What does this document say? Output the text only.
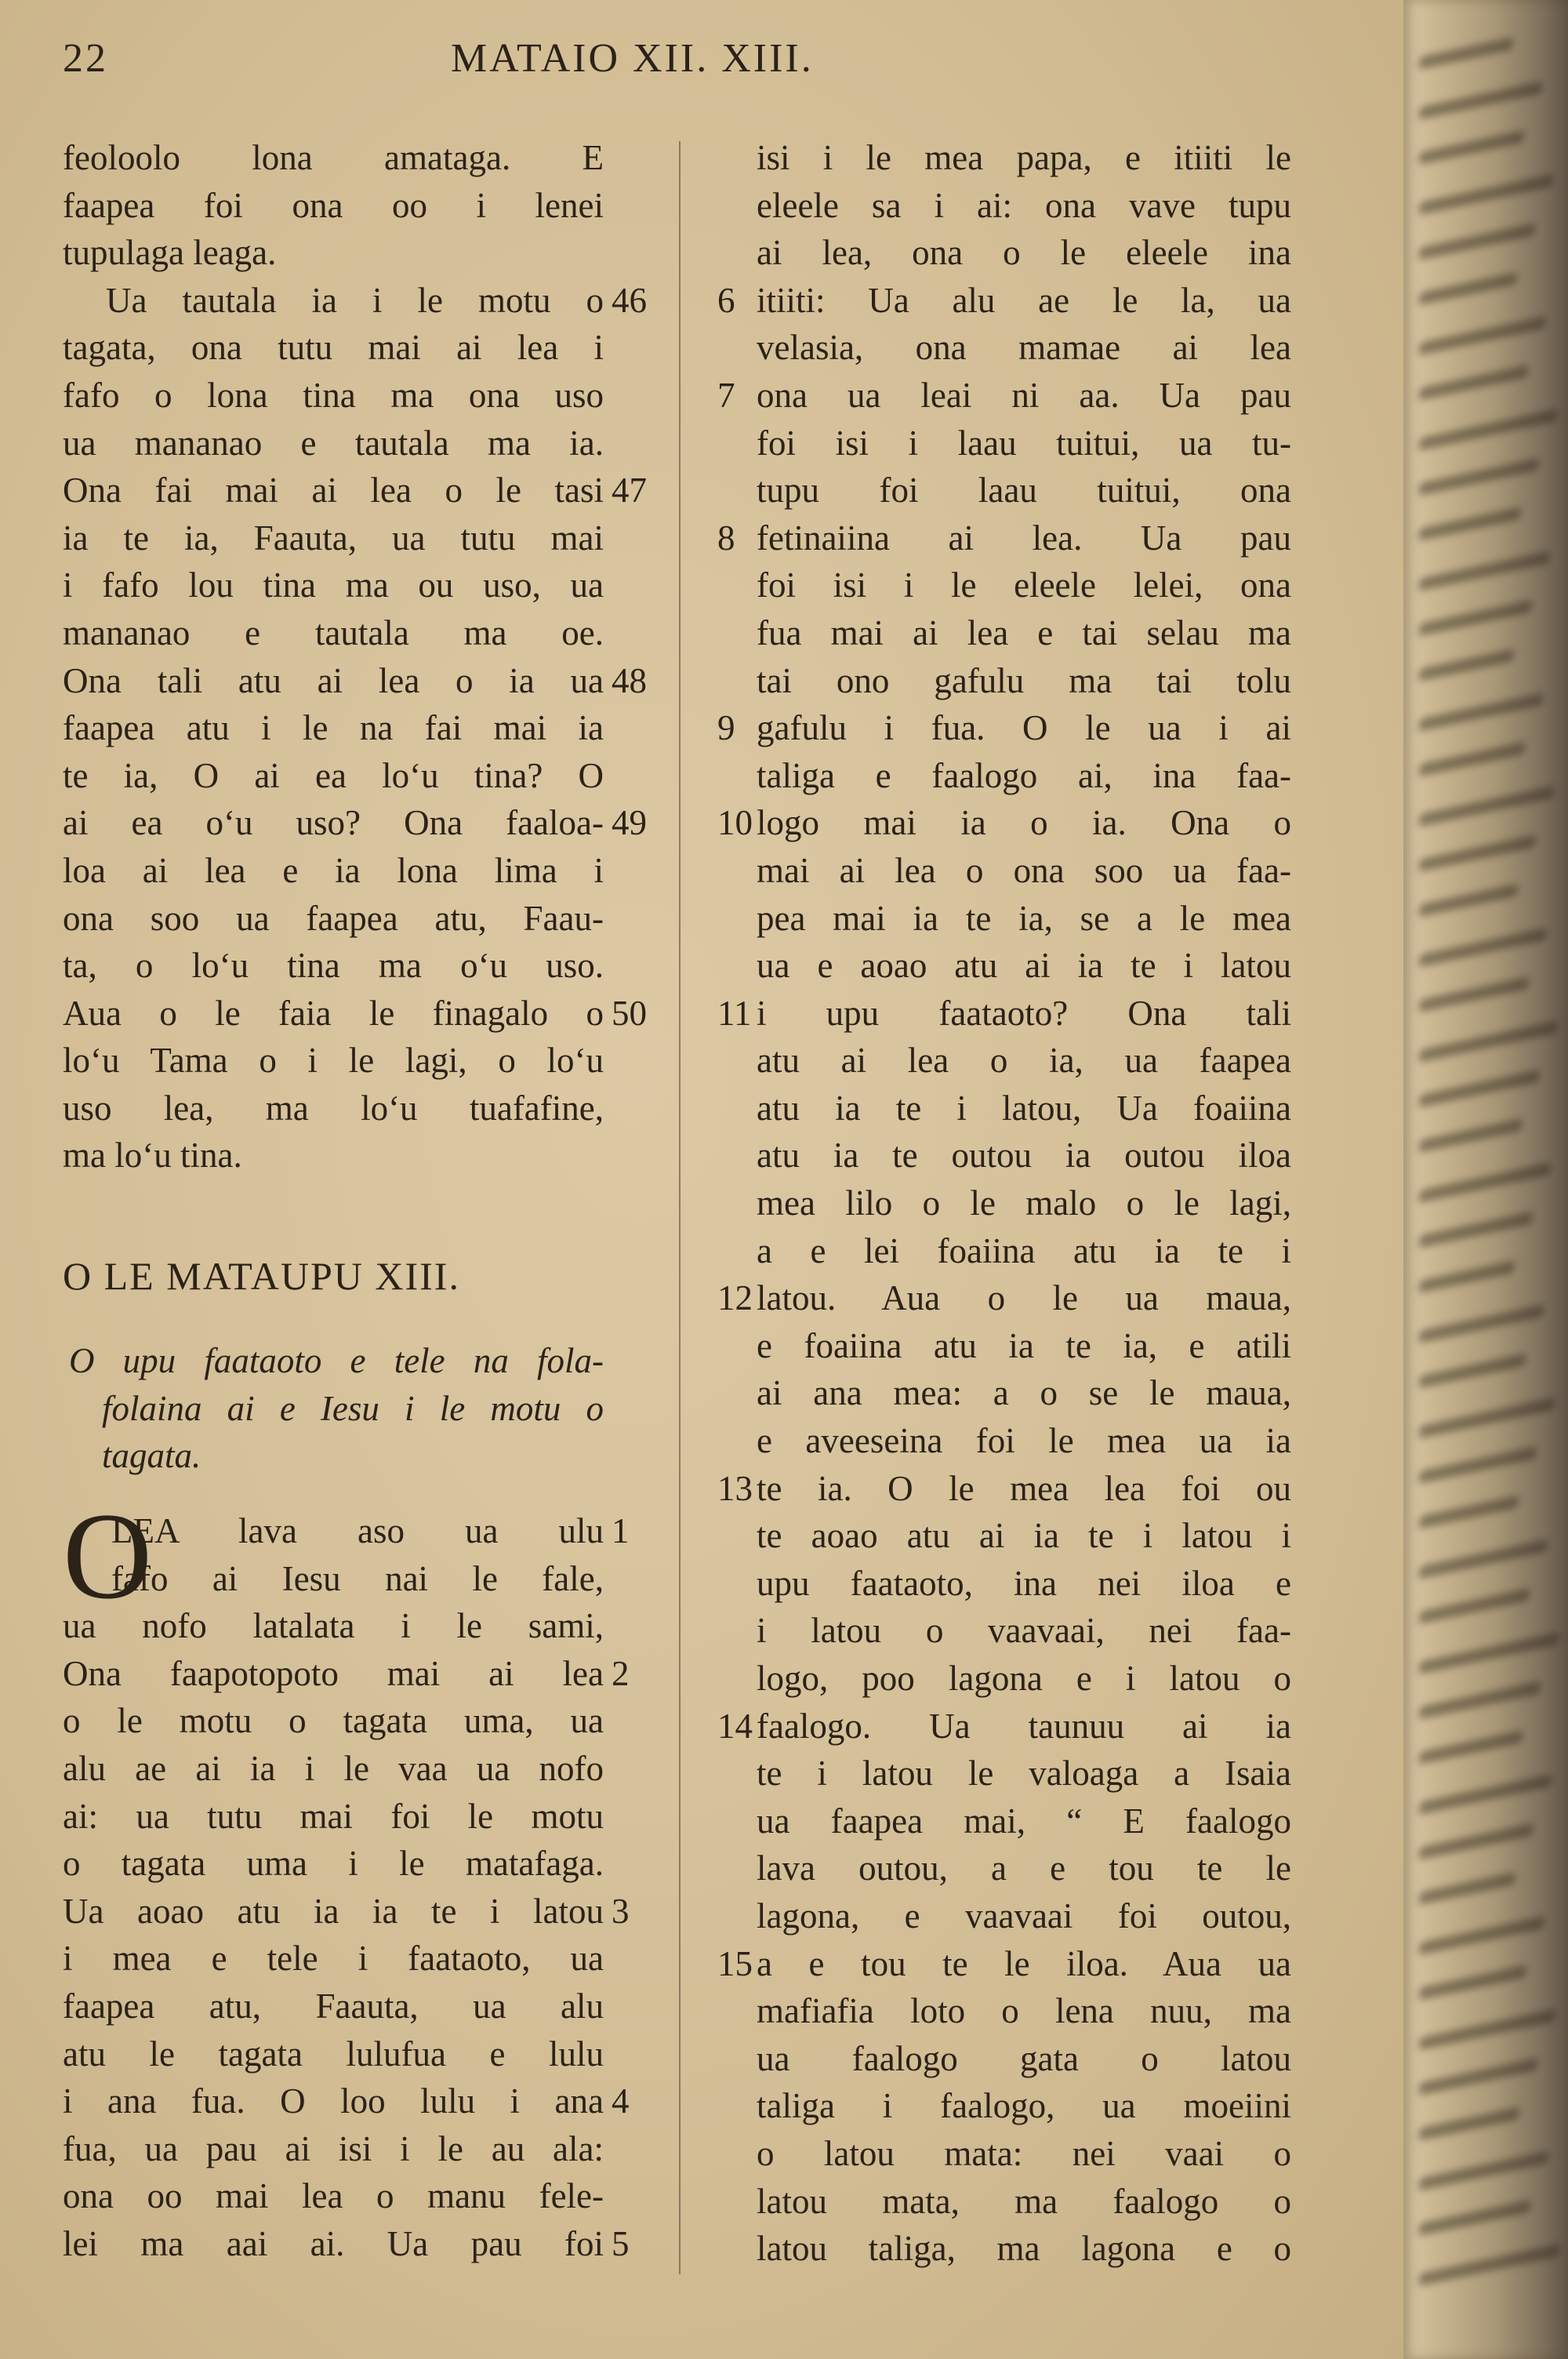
22	MATAIO XII. XIII.
feoloolo lona amataga. E
faapea foi ona oo i lenei
tupulaga leaga.
Ua tautala ia i le motu o 46
tagata, ona tutu mai ai lea i
fafo o lona tina ma ona uso
ua mananao e tautala ma ia.
Ona fai mai ai lea o le tasi 47
ia te ia, Faauta, ua tutu mai
i fafo lou tina ma ou uso, ua
mananao e tautala ma oe.
Ona tali atu ai lea o ia ua 48
faapea atu i le na fai mai ia
te ia, O ai ea lo‘u tina? O
ai ea o‘u uso? Ona faaloa- 49
loa ai lea e ia lona lima i
ona soo ua faapea atu, Faau-
ta, o lo‘u tina ma o‘u uso.
Aua o le faia le finagalo o 50
lo‘u Tama o i le lagi, o lo‘u
uso lea, ma lo‘u tuafafine,
ma lo‘u tina.
O LE MATAUPU XIII.
O upu faataoto e tele na fola-
folaina ai e Iesu i le motu o
tagata.
O
LEA lava aso ua ulu 1
fafo ai Iesu nai le fale,
ua nofo latalata i le sami,
Ona faapotopoto mai ai lea 2
o le motu o tagata uma, ua
alu ae ai ia i le vaa ua nofo
ai: ua tutu mai foi le motu
o tagata uma i le matafaga.
Ua aoao atu ia ia te i latou 3
i mea e tele i faataoto, ua
faapea atu, Faauta, ua alu
atu le tagata lulufua e lulu
i ana fua. O loo lulu i ana 4
fua, ua pau ai isi i le au ala:
ona oo mai lea o manu fele-
lei ma aai ai. Ua pau foi 5
isi i le mea papa, e itiiti le
eleele sa i ai: ona vave tupu
ai lea, ona o le eleele ina
itiiti: Ua alu ae le la, ua
6
velasia, ona mamae ai lea
ona ua leai ni aa. Ua pau
7
foi isi i laau tuitui, ua tu-
tupu foi laau tuitui, ona
fetinaiina ai lea. Ua pau
8
foi isi i le eleele lelei, ona
fua mai ai lea e tai selau ma
tai ono gafulu ma tai tolu
gafulu i fua. O le ua i ai
9
taliga e faalogo ai, ina faa-
logo mai ia o ia. Ona o
10
mai ai lea o ona soo ua faa-
pea mai ia te ia, se a le mea
ua e aoao atu ai ia te i latou
i upu faataoto? Ona tali
11
atu ai lea o ia, ua faapea
atu ia te i latou, Ua foaiina
atu ia te outou ia outou iloa
mea lilo o le malo o le lagi,
a e lei foaiina atu ia te i
latou. Aua o le ua maua,
12
e foaiina atu ia te ia, e atili
ai ana mea: a o se le maua,
e aveeseina foi le mea ua ia
te ia. O le mea lea foi ou
13
te aoao atu ai ia te i latou i
upu faataoto, ina nei iloa e
i latou o vaavaai, nei faa-
logo, poo lagona e i latou o
faalogo. Ua taunuu ai ia
14
te i latou le valoaga a Isaia
ua faapea mai, “ E faalogo
lava outou, a e tou te le
lagona, e vaavaai foi outou,
a e tou te le iloa. Aua ua
15
mafiafia loto o lena nuu, ma
ua faalogo gata o latou
taliga i faalogo, ua moeiini
o latou mata: nei vaai o
latou mata, ma faalogo o
latou taliga, ma lagona e o
